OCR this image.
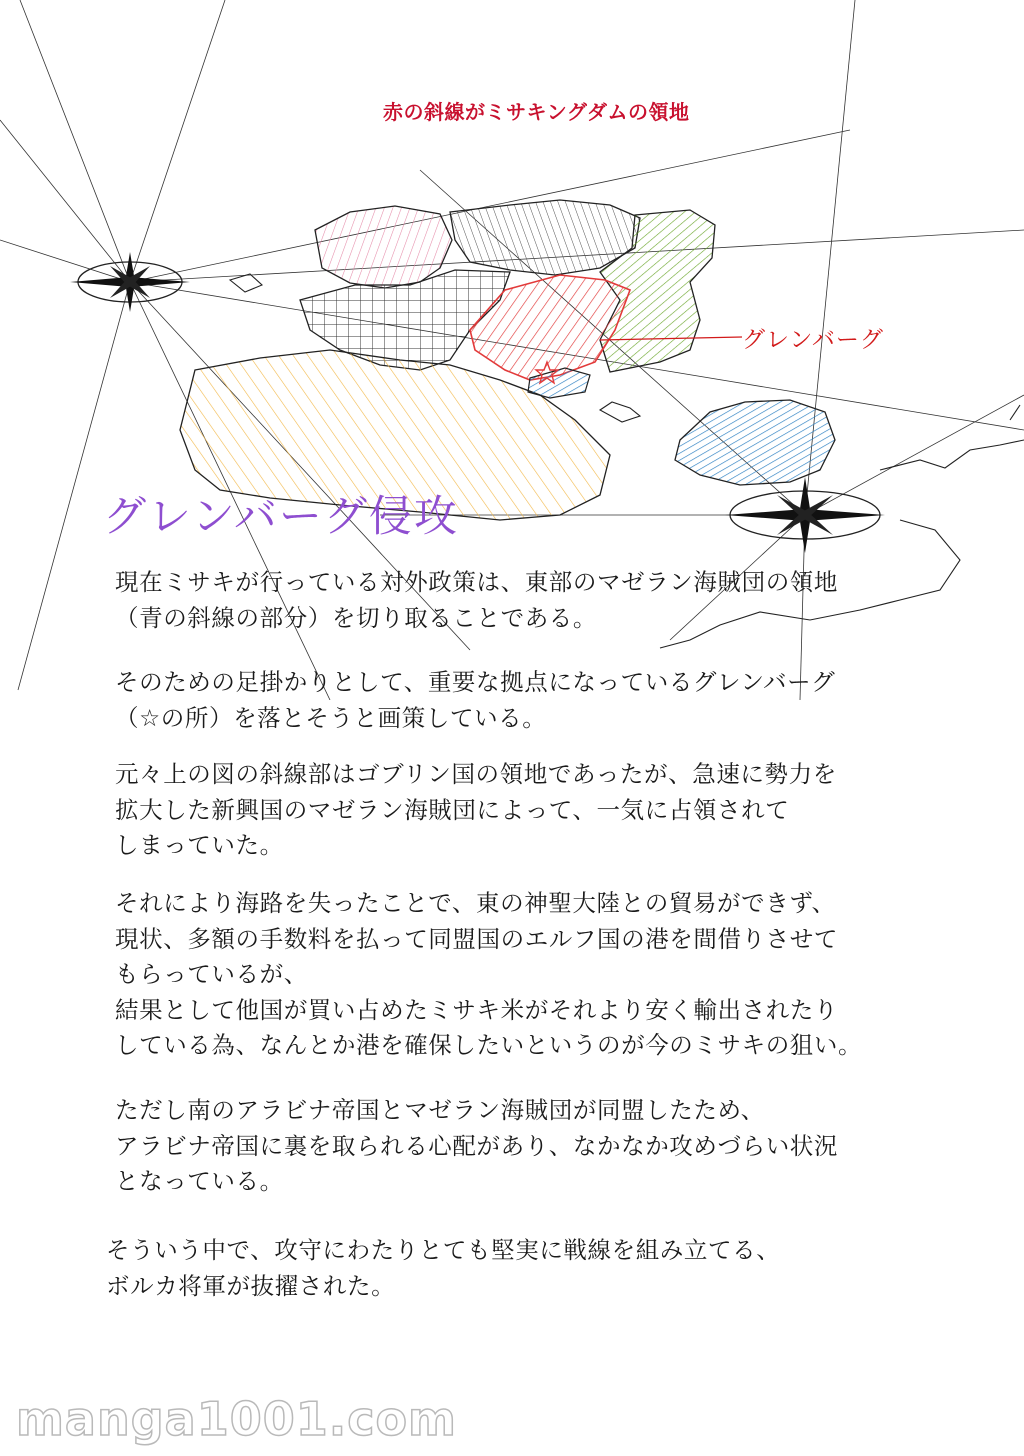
赤の斜線がミサキングダムの領地
グレンバーグ
グレンバーグ侵攻

現在ミサキが行っている対外政策は、東部のマゼラン海賊団の領地
（青の斜線の部分）を切り取ることである。

そのための足掛かりとして、重要な拠点になっているグレンバーグ
（☆の所）を落とそうと画策している。

元々上の図の斜線部はゴブリン国の領地であったが、急速に勢力を
拡大した新興国のマゼラン海賊団によって、一気に占領されて
しまっていた。

それにより海路を失ったことで、東の神聖大陸との貿易ができず、
現状、多額の手数料を払って同盟国のエルフ国の港を間借りさせて
もらっているが、
結果として他国が買い占めたミサキ米がそれより安く輸出されたり
している為、なんとか港を確保したいというのが今のミサキの狙い。

ただし南のアラビナ帝国とマゼラン海賊団が同盟したため、
アラビナ帝国に裏を取られる心配があり、なかなか攻めづらい状況
となっている。

そういう中で、攻守にわたりとても堅実に戦線を組み立てる、
ボルカ将軍が抜擢された。

manga1001.com
